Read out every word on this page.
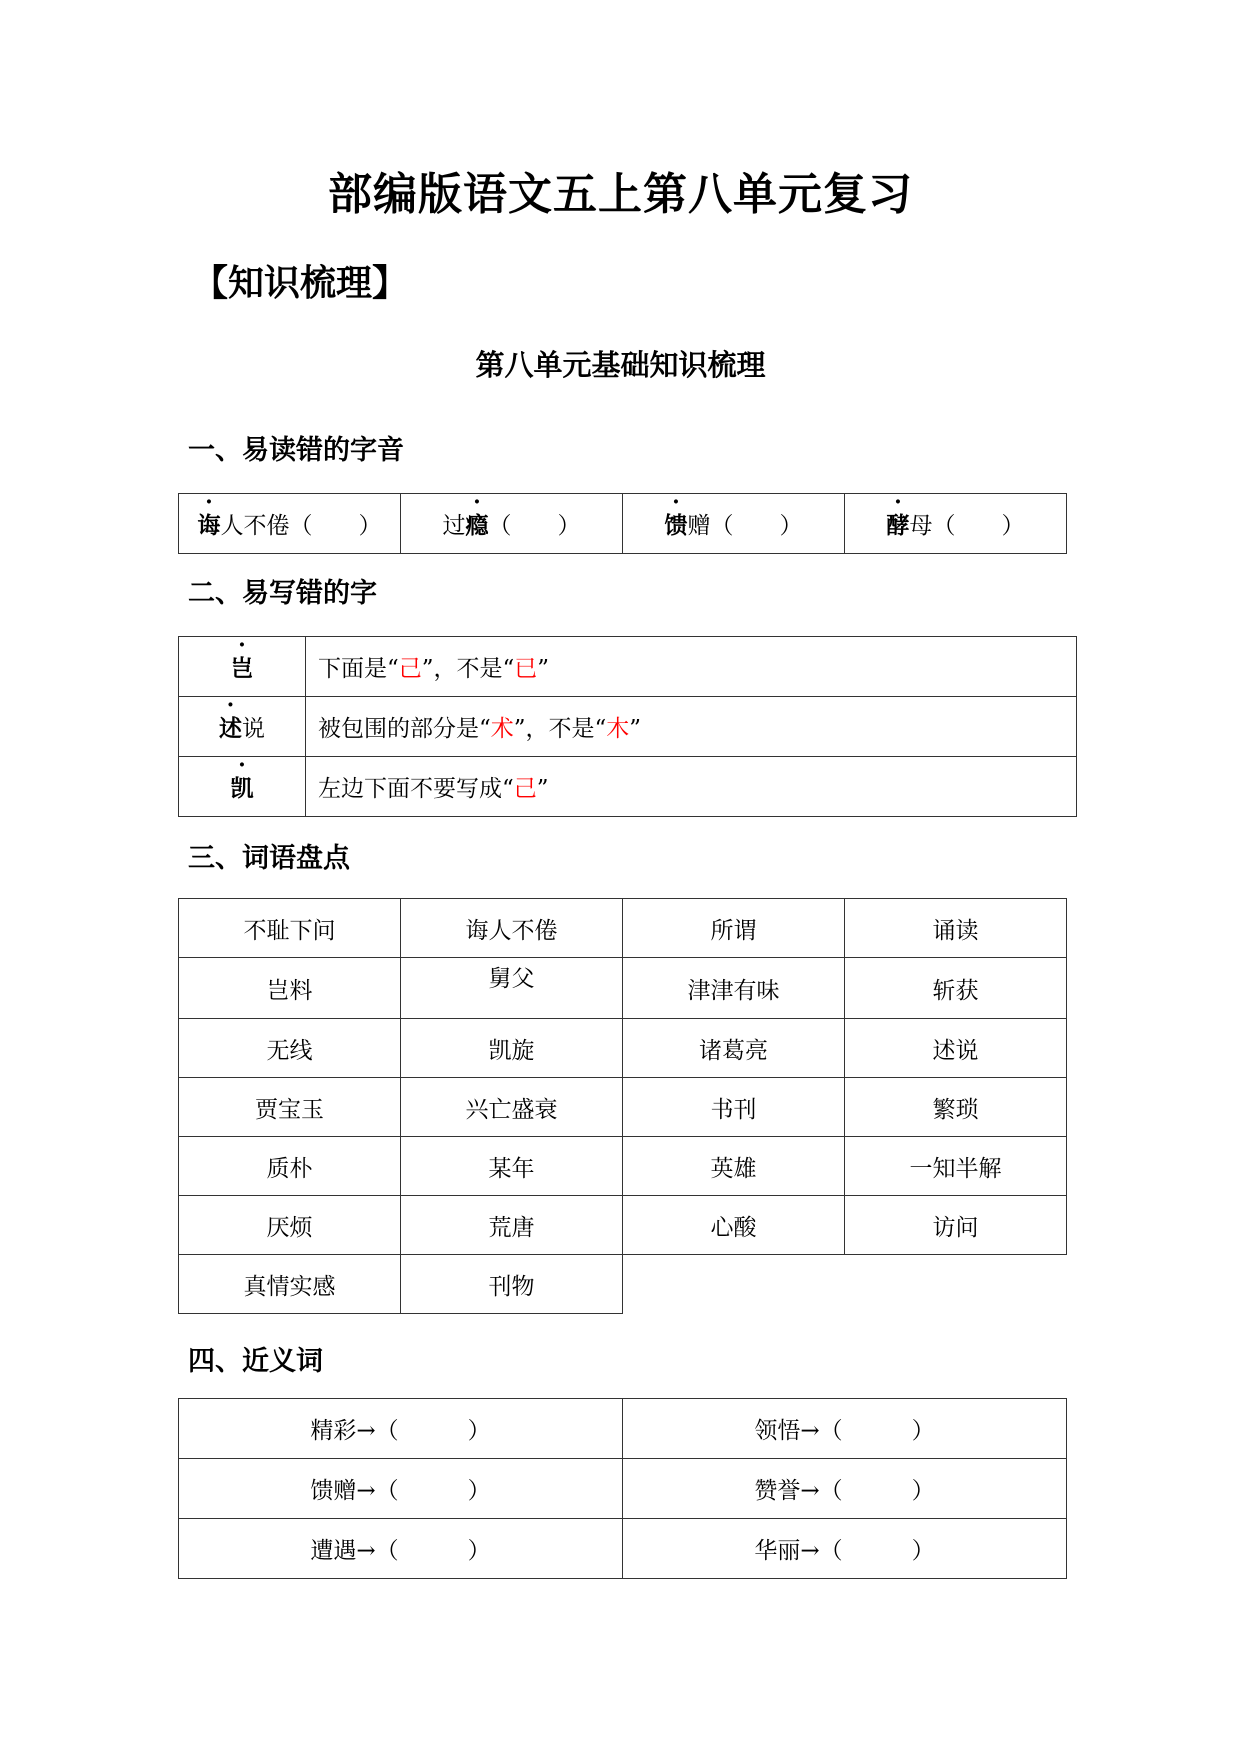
部编版语文五上第八单元复习
【知识梳理】
第八单元基础知识梳理
一、易读错的字音
诲人不倦（　　）	过瘾（　　）	馈赠（　　）	酵母（　　）
二、易写错的字
岂	下面是“己”，不是“已”
述说	被包围的部分是“术”，不是“木”
凯	左边下面不要写成“己”
三、词语盘点
不耻下问	诲人不倦	所谓	诵读
岂料	舅父	津津有味	斩获
无线	凯旋	诸葛亮	述说
贾宝玉	兴亡盛衰	书刊	繁琐
质朴	某年	英雄	一知半解
厌烦	荒唐	心酸	访问
真情实感	刊物		
四、近义词
精彩→（　　　）	领悟→（　　　）
馈赠→（　　　）	赞誉→（　　　）
遭遇→（　　　）	华丽→（　　　）
